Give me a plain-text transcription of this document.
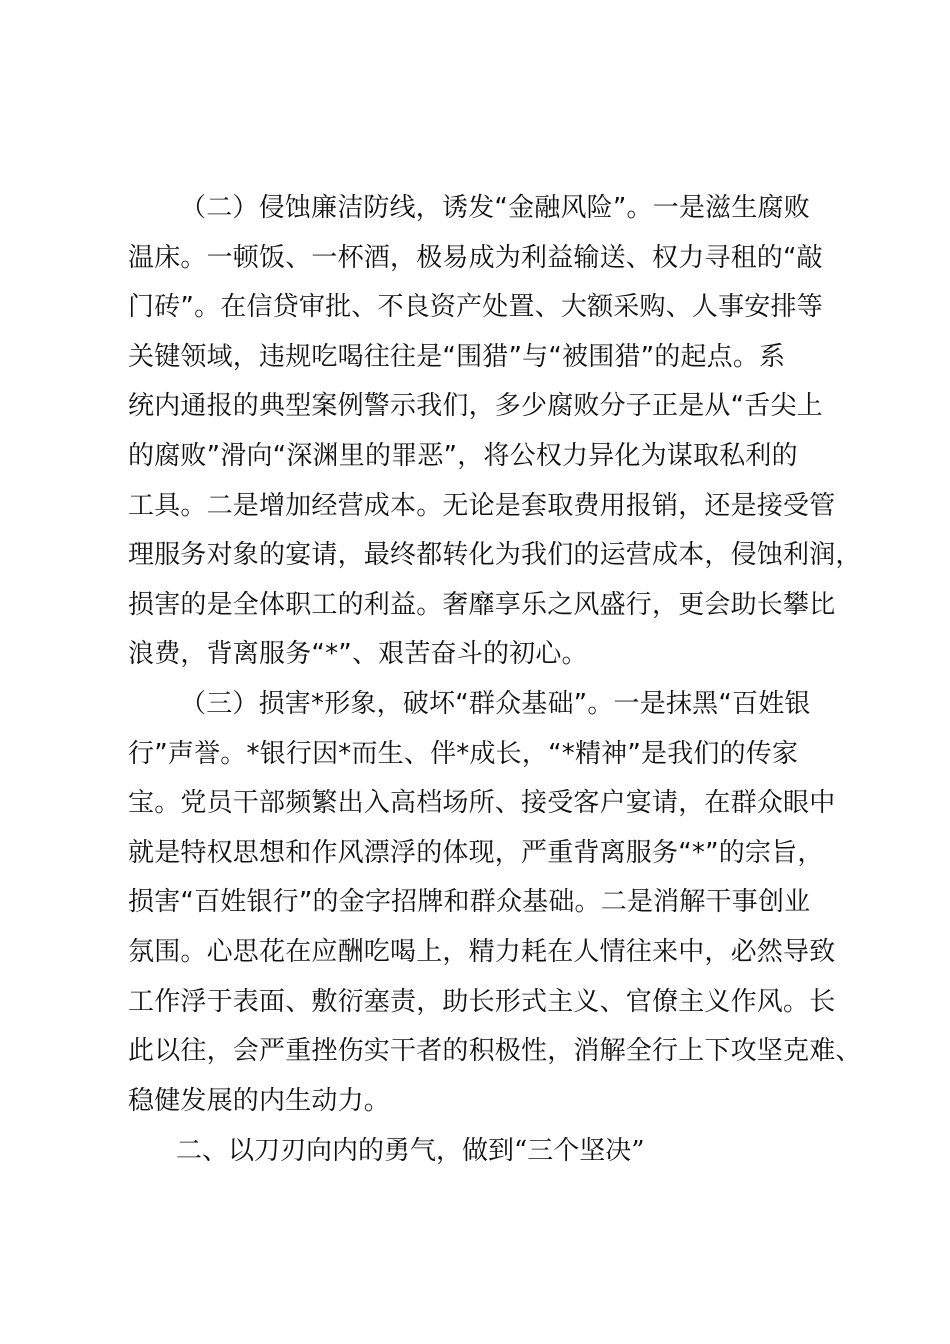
（二）侵蚀廉洁防线，诱发“金融风险”。一是滋生腐败
温床。一顿饭、一杯酒，极易成为利益输送、权力寻租的“敲
门砖”。在信贷审批、不良资产处置、大额采购、人事安排等
关键领域，违规吃喝往往是“围猎”与“被围猎”的起点。系
统内通报的典型案例警示我们，多少腐败分子正是从“舌尖上
的腐败”滑向“深渊里的罪恶”，将公权力异化为谋取私利的
工具。二是增加经营成本。无论是套取费用报销，还是接受管
理服务对象的宴请，最终都转化为我们的运营成本，侵蚀利润，
损害的是全体职工的利益。奢靡享乐之风盛行，更会助长攀比
浪费，背离服务“*”、艰苦奋斗的初心。
（三）损害*形象，破坏“群众基础”。一是抹黑“百姓银
行”声誉。*银行因*而生、伴*成长，“*精神”是我们的传家
宝。党员干部频繁出入高档场所、接受客户宴请，在群众眼中
就是特权思想和作风漂浮的体现，严重背离服务“*”的宗旨，
损害“百姓银行”的金字招牌和群众基础。二是消解干事创业
氛围。心思花在应酬吃喝上，精力耗在人情往来中，必然导致
工作浮于表面、敷衍塞责，助长形式主义、官僚主义作风。长
此以往，会严重挫伤实干者的积极性，消解全行上下攻坚克难、
稳健发展的内生动力。
二、以刀刃向内的勇气，做到“三个坚决”
